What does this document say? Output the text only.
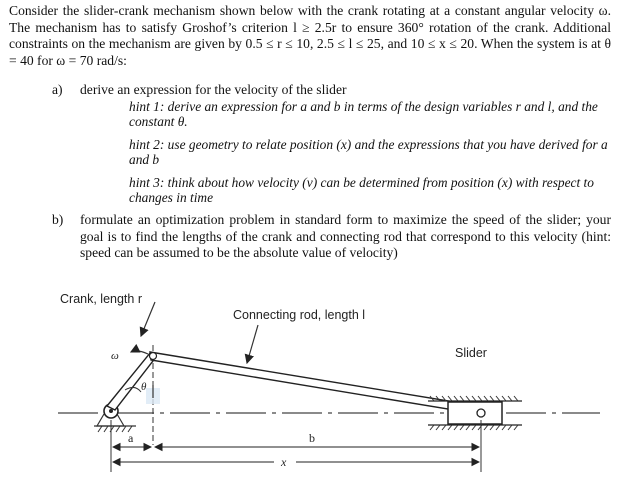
Consider the slider-crank mechanism shown below with the crank rotating at a constant angular velocity ω. The mechanism has to satisfy Groshof’s criterion l ≥ 2.5r to ensure 360° rotation of the crank. Additional constraints on the mechanism are given by 0.5 ≤ r ≤ 10, 2.5 ≤ l ≤ 25, and 10 ≤ x ≤ 20. When the system is at θ = 40 for ω = 70 rad/s:

a) derive an expression for the velocity of the slider

hint 1: derive an expression for a and b in terms of the design variables r and l, and the constant θ.

hint 2: use geometry to relate position (x) and the expressions that you have derived for a and b

hint 3: think about how velocity (v) can be determined from position (x) with respect to changes in time

b) formulate an optimization problem in standard form to maximize the speed of the slider; your goal is to find the lengths of the crank and connecting rod that correspond to this velocity (hint: speed can be assumed to be the absolute value of velocity)
Crank, length r
Connecting rod, length l
Slider
θ
ω
a	b
x
